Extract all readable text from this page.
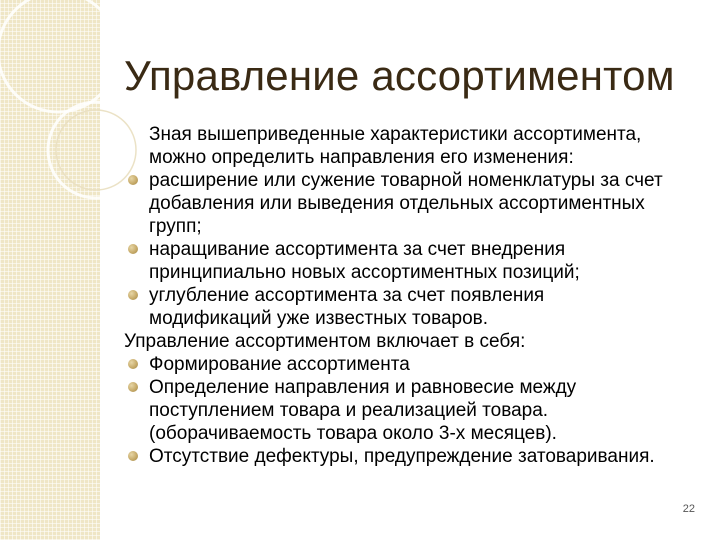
Управление ассортиментом

Зная вышеприведенные характеристики ассортимента,

можно определить направления его изменения:

расширение или сужение товарной номенклатуры за счет
добавления или выведения отдельных ассортиментных
групп;
наращивание ассортимента за счет внедрения
принципиально новых ассортиментных позиций;
углубление ассортимента за счет появления
модификаций уже известных товаров.

Управление ассортиментом включает в себя:

Формирование ассортимента
Определение направления и равновесие между
поступлением товара и реализацией товара.
(оборачиваемость товара около 3-х месяцев).
Отсутствие дефектуры, предупреждение затоваривания.
22
